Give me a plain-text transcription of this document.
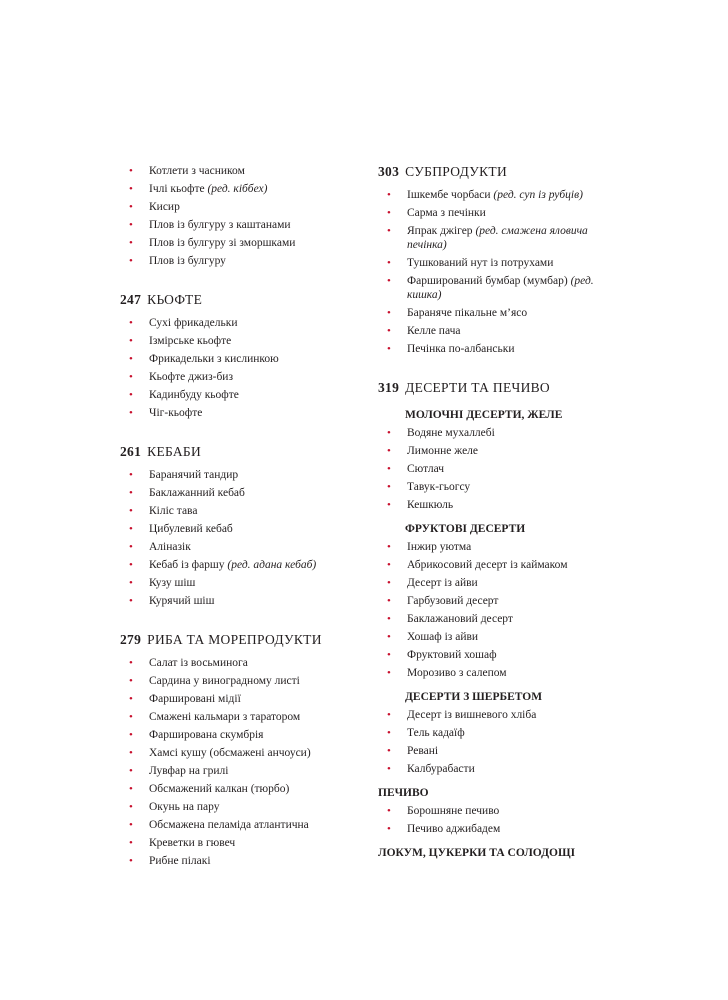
• Котлети з часником
• Ічлі кьофте (ред. кіббех)
• Кисир
• Плов із булгуру з каштанами
• Плов із булгуру зі зморшками
• Плов із булгуру
247 КЬОФТЕ
• Сухі фрикадельки
• Ізмірське кьофте
• Фрикадельки з кислинкою
• Кьофте джиз-биз
• Кадинбуду кьофте
• Чіг-кьофте
261 КЕБАБИ
• Баранячий тандир
• Баклажанний кебаб
• Кіліс тава
• Цибулевий кебаб
• Аліназік
• Кебаб із фаршу (ред. адана кебаб)
• Кузу шіш
• Курячий шіш
279 РИБА ТА МОРЕПРОДУКТИ
• Салат із восьминога
• Сардина у виноградному листі
• Фаршировані мідії
• Смажені кальмари з таратором
• Фарширована скумбрія
• Хамсі кушу (обсмажені анчоуси)
• Лувфар на грилі
• Обсмажений калкан (тюрбо)
• Окунь на пару
• Обсмажена пеламіда атлантична
• Креветки в гювеч
• Рибне пілакі
303 СУБПРОДУКТИ
• Ішкембе чорбаси (ред. суп із рубців)
• Сарма з печінки
• Япрак джігер (ред. смажена яловича печінка)
• Тушкований нут із потрухами
• Фаршировaний бумбар (мумбар) (ред. кишка)
• Бараняче пікальне м’ясо
• Келле пача
• Печінка по-албанськи
319 ДЕСЕРТИ ТА ПЕЧИВО
МОЛОЧНІ ДЕСЕРТИ, ЖЕЛЕ
• Водяне мухаллебі
• Лимонне желе
• Сютлач
• Тавук-гьогсу
• Кешкюль
ФРУКТОВІ ДЕСЕРТИ
• Інжир уютма
• Абрикосовий десерт із каймаком
• Десерт із айви
• Гарбузовий десерт
• Баклажановий десерт
• Хошаф із айви
• Фруктовий хошаф
• Морозиво з салепом
ДЕСЕРТИ З ШЕРБЕТОМ
• Десерт із вишневого хліба
• Тель кадаїф
• Реванi
• Калбурабасти
ПЕЧИВО
• Борошняне печиво
• Печиво аджибадем
ЛОКУМ, ЦУКЕРКИ ТА СОЛОДОЩІ
